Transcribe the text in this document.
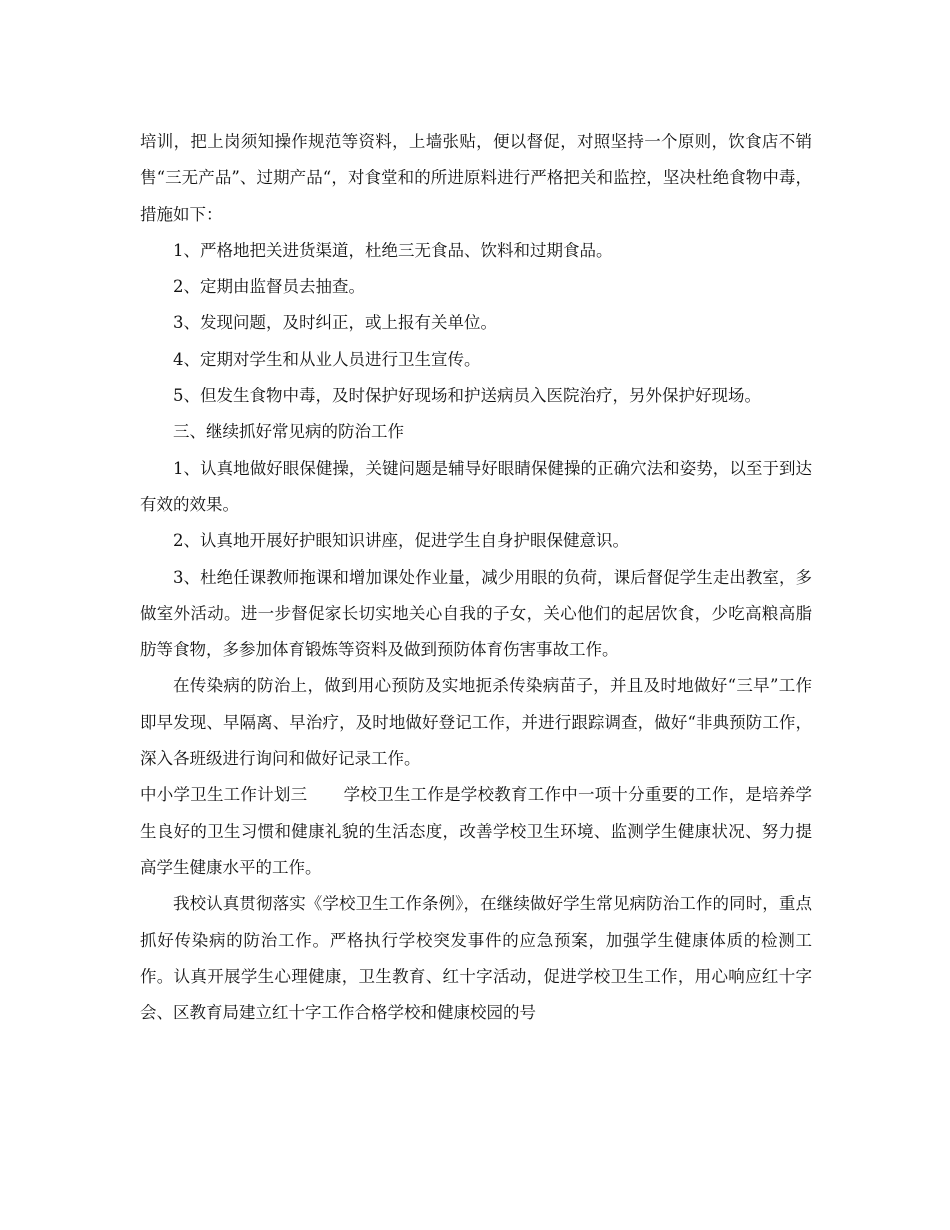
培训，把上岗须知操作规范等资料，上墙张贴，便以督促，对照坚持一个原则，饮食店不销售“三无产品”、过期产品“，对食堂和的所进原料进行严格把关和监控，坚决杜绝食物中毒，措施如下：

1、严格地把关进货渠道，杜绝三无食品、饮料和过期食品。

2、定期由监督员去抽查。

3、发现问题，及时纠正，或上报有关单位。

4、定期对学生和从业人员进行卫生宣传。

5、但发生食物中毒，及时保护好现场和护送病员入医院治疗，另外保护好现场。

三、继续抓好常见病的防治工作

1、认真地做好眼保健操，关键问题是辅导好眼睛保健操的正确穴法和姿势，以至于到达有效的效果。

2、认真地开展好护眼知识讲座，促进学生自身护眼保健意识。

3、杜绝任课教师拖课和增加课处作业量，减少用眼的负荷，课后督促学生走出教室，多做室外活动。进一步督促家长切实地关心自我的子女，关心他们的起居饮食，少吃高粮高脂肪等食物，多参加体育锻炼等资料及做到预防体育伤害事故工作。

在传染病的防治上，做到用心预防及实地扼杀传染病苗子，并且及时地做好“三早”工作即早发现、早隔离、早治疗，及时地做好登记工作，并进行跟踪调查，做好“非典预防工作，深入各班级进行询问和做好记录工作。

中小学卫生工作计划三 学校卫生工作是学校教育工作中一项十分重要的工作，是培养学生良好的卫生习惯和健康礼貌的生活态度，改善学校卫生环境、监测学生健康状况、努力提高学生健康水平的工作。

我校认真贯彻落实《学校卫生工作条例》，在继续做好学生常见病防治工作的同时，重点抓好传染病的防治工作。严格执行学校突发事件的应急预案，加强学生健康体质的检测工作。认真开展学生心理健康，卫生教育、红十字活动，促进学校卫生工作，用心响应红十字会、区教育局建立红十字工作合格学校和健康校园的号
